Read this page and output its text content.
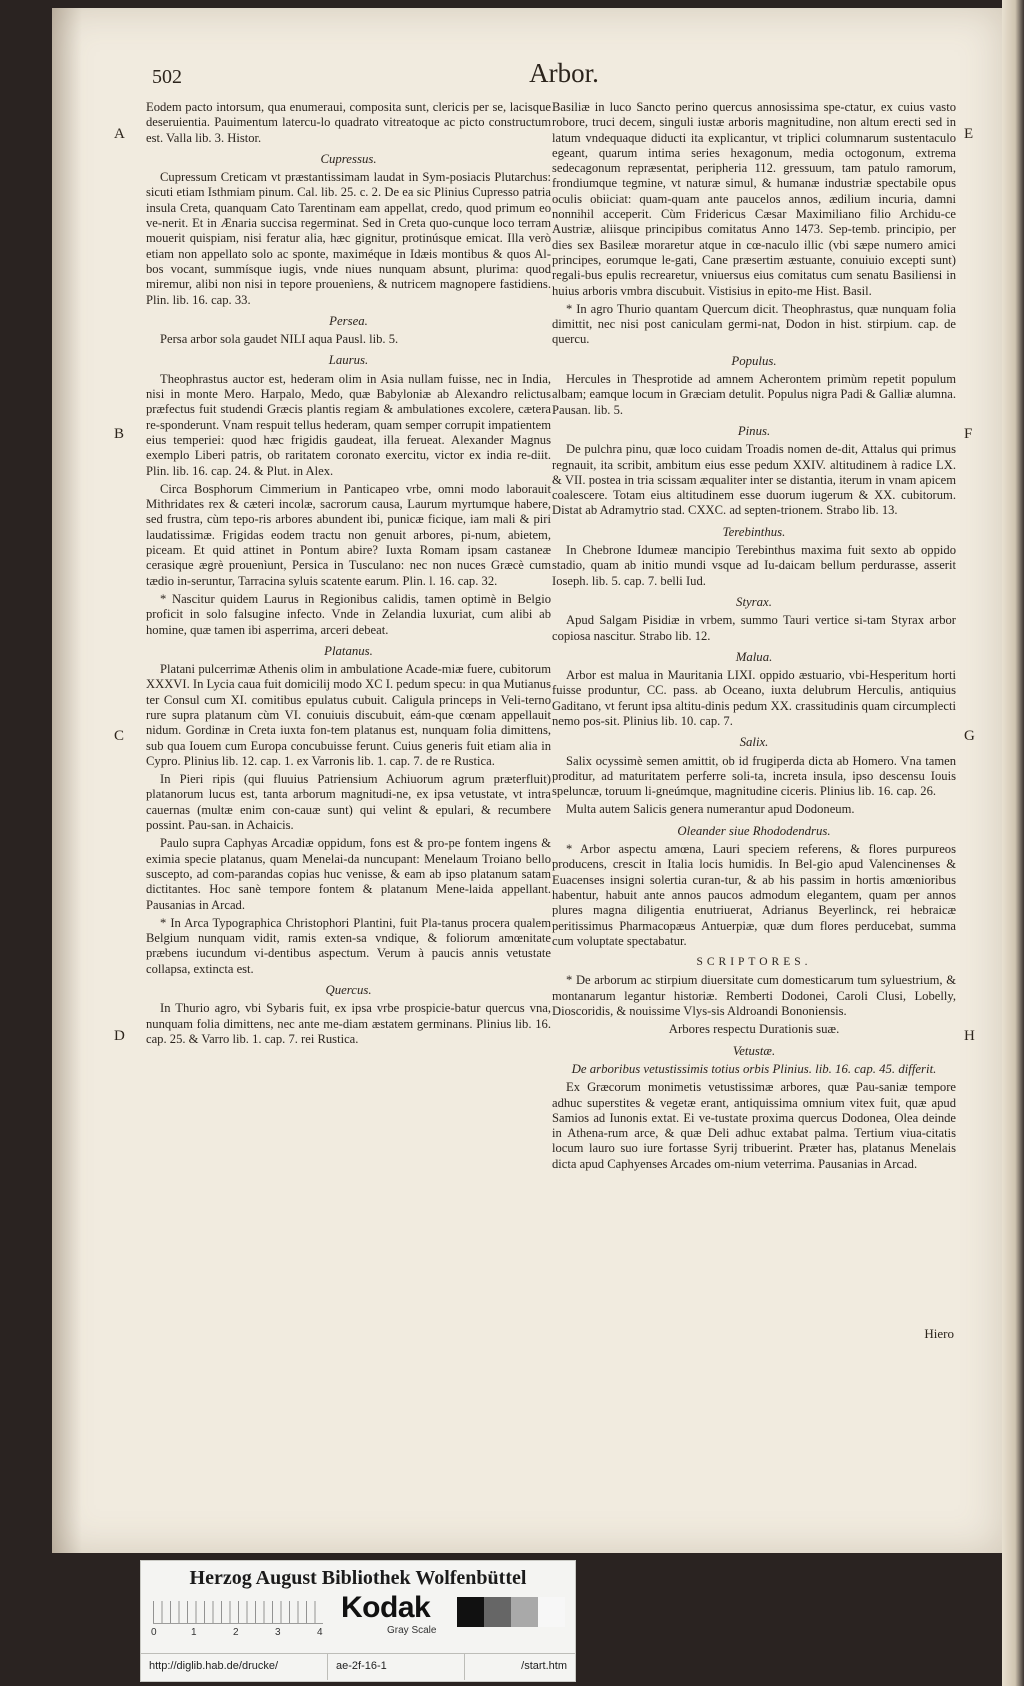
502	Arbor.
A
B
C
D
E
F
G
H

Eodem pacto intorsum, qua enumeraui, composita sunt, clericis per se, lacisque deseruientia. Pauimentum latercu-lo quadrato vitreatoque ac picto constructum est. Valla lib. 3. Histor.

Cupressus.

Cupressum Creticam vt præstantissimam laudat in Sym-posiacis Plutarchus: sicuti etiam Isthmiam pinum. Cal. lib. 25. c. 2. De ea sic Plinius Cupresso patria insula Creta, quanquam Cato Tarentinam eam appellat, credo, quod primum eo ve-nerit. Et in Ænaria succisa regerminat. Sed in Creta quo-cunque loco terram mouerit quispiam, nisi feratur alia, hæc gignitur, protinúsque emicat. Illa verò etiam non appellato solo ac sponte, maximéque in Idæis montibus & quos Al-bos vocant, summísque iugis, vnde niues nunquam absunt, plurima: quod miremur, alibi non nisi in tepore prouenìens, & nutricem magnopere fastidiens. Plin. lib. 16. cap. 33.

Persea.

Persa arbor sola gaudet NILI aqua Pausl. lib. 5.

Laurus.

Theophrastus auctor est, hederam olim in Asia nullam fuisse, nec in India, nisi in monte Mero. Harpalo, Medo, quæ Babyloniæ ab Alexandro relictus præfectus fuit studendi Græcis plantis regiam & ambulationes excolere, cætera re-sponderunt. Vnam respuit tellus hederam, quam semper corrupit impatientem eius temperiei: quod hæc frigidis gaudeat, illa ferueat. Alexander Magnus exemplo Liberi patris, ob raritatem coronato exercitu, victor ex india re-diit. Plin. lib. 16. cap. 24. & Plut. in Alex.

Circa Bosphorum Cimmerium in Panticapeo vrbe, omni modo laborauit Mithridates rex & cæteri incolæ, sacrorum causa, Laurum myrtumque habere, sed frustra, cùm tepo-ris arbores abundent ibi, punicæ ficique, iam mali & piri laudatissimæ. Frigidas eodem tractu non genuit arbores, pi-num, abietem, piceam. Et quid attinet in Pontum abire? Iuxta Romam ipsam castaneæ cerasique ægrè prouenìunt, Persica in Tusculano: nec non nuces Græcè cum tædio in-seruntur, Tarracina syluis scatente earum. Plin. l. 16. cap. 32.

* Nascitur quidem Laurus in Regionibus calidis, tamen optimè in Belgio proficit in solo falsugine infecto. Vnde in Zelandia luxuriat, cum alibi ab homine, quæ tamen ibi asperrima, arceri debeat.

Platanus.

Platani pulcerrimæ Athenis olim in ambulatione Acade-miæ fuere, cubitorum XXXVI. In Lycia caua fuit domicilij modo XC I. pedum specu: in qua Mutianus ter Consul cum XI. comitibus epulatus cubuit. Caligula princeps in Veli-terno rure supra platanum cùm VI. conuiuis discubuit, eám-que cœnam appellauit nidum. Gordinæ in Creta iuxta fon-tem platanus est, nunquam folia dimittens, sub qua Iouem cum Europa concubuisse ferunt. Cuius generis fuit etiam alia in Cypro. Plinius lib. 12. cap. 1. ex Varronis lib. 1. cap. 7. de re Rustica.

In Pieri ripis (qui fluuius Patriensium Achiuorum agrum præterfluit) platanorum lucus est, tanta arborum magnitudi-ne, ex ipsa vetustate, vt intra cauernas (multæ enim con-cauæ sunt) qui velint & epulari, & recumbere possint. Pau-san. in Achaicis.

Paulo supra Caphyas Arcadiæ oppidum, fons est & pro-pe fontem ingens & eximia specie platanus, quam Menelai-da nuncupant: Menelaum Troiano bello suscepto, ad com-parandas copias huc venisse, & eam ab ipso platanum satam dictitantes. Hoc sanè tempore fontem & platanum Mene-laida appellant. Pausanias in Arcad.

* In Arca Typographica Christophori Plantini, fuit Pla-tanus procera qualem Belgium nunquam vidit, ramis exten-sa vndique, & foliorum amœnitate præbens iucundum vi-dentibus aspectum. Verum à paucis annis vetustate collapsa, extincta est.

Quercus.

In Thurio agro, vbi Sybaris fuit, ex ipsa vrbe prospicie-batur quercus vna, nunquam folia dimittens, nec ante me-diam æstatem germinans. Plinius lib. 16. cap. 25. & Varro lib. 1. cap. 7. rei Rustica.

Basiliæ in luco Sancto perino quercus annosissima spe-ctatur, ex cuius vasto robore, truci decem, singuli iustæ arboris magnitudine, non altum erecti sed in latum vndequaque diducti ita explicantur, vt triplici columnarum sustentaculo egeant, quarum intima series hexagonum, media octogonum, extrema sedecagonum repræsentat, peripheria 112. gressuum, tam patulo ramorum, frondiumque tegmine, vt naturæ simul, & humanæ industriæ spectabile opus oculis obiiciat: quam-quam ante paucelos annos, ædilium incuria, damni nonnihil acceperit. Cùm Fridericus Cæsar Maximiliano filio Archidu-ce Austriæ, aliisque principibus comitatus Anno 1473. Sep-temb. principio, per dies sex Basileæ moraretur atque in cœ-naculo illic (vbi sæpe numero amici principes, eorumque le-gati, Cane præsertim æstuante, conuiuio excepti sunt) regali-bus epulis recrearetur, vniuersus eius comitatus cum senatu Basiliensi in huius arboris vmbra discubuit. Vistisius in epito-me Hist. Basil.

* In agro Thurio quantam Quercum dicit. Theophrastus, quæ nunquam folia dimittit, nec nisi post caniculam germi-nat, Dodon in hist. stirpium. cap. de quercu.

Populus.

Hercules in Thesprotide ad amnem Acherontem primùm repetit populum albam; eamque locum in Græciam detulit. Populus nigra Padi & Galliæ alumna. Pausan. lib. 5.

Pinus.

De pulchra pinu, quæ loco cuidam Troadis nomen de-dit, Attalus qui primus regnauit, ita scribit, ambitum eius esse pedum XXIV. altitudinem à radice LX. & VII. postea in tria scissam æqualiter inter se distantia, iterum in vnam apicem coalescere. Totam eius altitudinem esse duorum iugerum & XX. cubitorum. Distat ab Adramytrio stad. CXXC. ad septen-trionem. Strabo lib. 13.

Terebinthus.

In Chebrone Idumeæ mancipio Terebinthus maxima fuit sexto ab oppido stadio, quam ab initio mundi vsque ad Iu-daicam bellum perdurasse, asserit Ioseph. lib. 5. cap. 7. belli Iud.

Styrax.

Apud Salgam Pisidiæ in vrbem, summo Tauri vertice si-tam Styrax arbor copiosa nascitur. Strabo lib. 12.

Malua.

Arbor est malua in Mauritania LIXI. oppido æstuario, vbi-Hesperitum horti fuisse produntur, CC. pass. ab Oceano, iuxta delubrum Herculis, antiquius Gaditano, vt ferunt ipsa altitu-dinis pedum XX. crassitudinis quam circumplecti nemo pos-sit. Plinius lib. 10. cap. 7.

Salix.

Salix ocyssimè semen amittit, ob id frugiperda dicta ab Homero. Vna tamen proditur, ad maturitatem perferre soli-ta, increta insula, ipso descensu Iouis speluncæ, toruum li-gneúmque, magnitudine ciceris. Plinius lib. 16. cap. 26.

Multa autem Salicis genera numerantur apud Dodoneum.

Oleander siue Rhododendrus.

* Arbor aspectu amœna, Lauri speciem referens, & flores purpureos producens, crescit in Italia locis humidis. In Bel-gio apud Valencinenses & Euacenses insigni solertia curan-tur, & ab his passim in hortis amœnioribus habentur, habuit ante annos paucos admodum elegantem, quam per annos plures magna diligentia enutriuerat, Adrianus Beyerlinck, rei hebraicæ peritissimus Pharmacopæus Antuerpiæ, quæ dum flores perducebat, summa cum voluptate spectabatur.

SCRIPTORES.

* De arborum ac stirpium diuersitate cum domesticarum tum syluestrium, & montanarum legantur historiæ. Remberti Dodonei, Caroli Clusi, Lobelly, Dioscoridis, & nouissime Vlys-sis Aldroandi Bononiensis.

Arbores respectu Durationis suæ.
Vetustæ.
De arboribus vetustissimis totius orbis Plinius. lib. 16. cap. 45. differit.

Ex Græcorum monimetis vetustissimæ arbores, quæ Pau-saniæ tempore adhuc superstites & vegetæ erant, antiquissima omnium vitex fuit, quæ apud Samios ad Iunonis extat. Ei ve-tustate proxima quercus Dodonea, Olea deinde in Athena-rum arce, & quæ Deli adhuc extabat palma. Tertium viua-citatis locum lauro suo iure fortasse Syrij tribuerint. Præter has, platanus Menelais dicta apud Caphyenses Arcades om-nium veterrima. Pausanias in Arcad.

Hiero
Herzog August Bibliothek Wolfenbüttel
0	1	2	3	4
Kodak
Gray Scale
http://diglib.hab.de/drucke/	ae-2f-16-1	/start.htm
